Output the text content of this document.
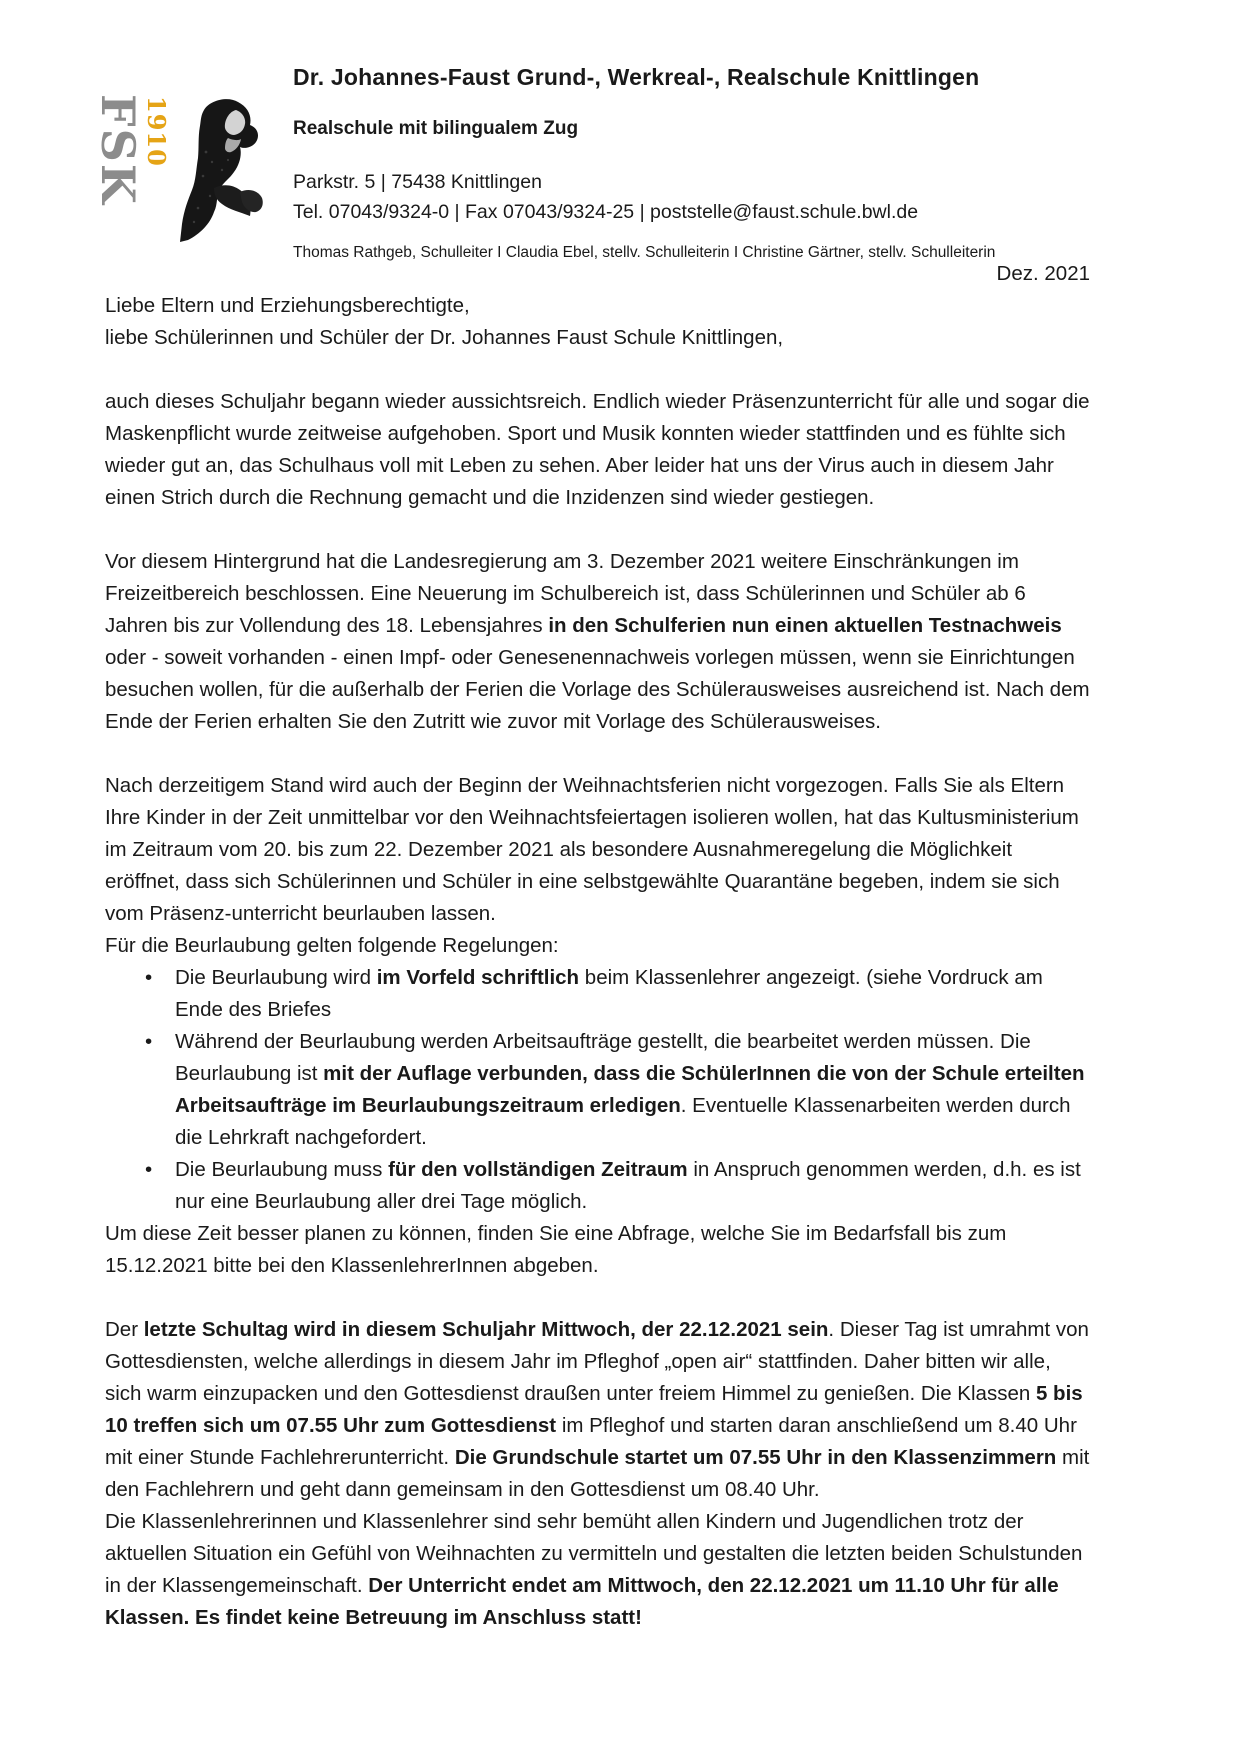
FSK
1910
Dr. Johannes-Faust Grund-, Werkreal-, Realschule Knittlingen
Realschule mit bilingualem Zug
Parkstr. 5 | 75438 Knittlingen
Tel. 07043/9324-0 | Fax 07043/9324-25 | poststelle@faust.schule.bwl.de
Thomas Rathgeb, Schulleiter I Claudia Ebel, stellv. Schulleiterin I Christine Gärtner, stellv. Schulleiterin

Dez. 2021

Liebe Eltern und Erziehungsberechtigte,

liebe Schülerinnen und Schüler der Dr. Johannes Faust Schule Knittlingen,

auch dieses Schuljahr begann wieder aussichtsreich. Endlich wieder Präsenzunterricht für alle und sogar die Maskenpflicht wurde zeitweise aufgehoben. Sport und Musik konnten wieder stattfinden und es fühlte sich wieder gut an, das Schulhaus voll mit Leben zu sehen. Aber leider hat uns der Virus auch in diesem Jahr einen Strich durch die Rechnung gemacht und die Inzidenzen sind wieder gestiegen.

Vor diesem Hintergrund hat die Landesregierung am 3. Dezember 2021 weitere Einschränkungen im Freizeitbereich beschlossen. Eine Neuerung im Schulbereich ist, dass Schülerinnen und Schüler ab 6 Jahren bis zur Vollendung des 18. Lebensjahres in den Schulferien nun einen aktuellen Testnachweis oder - soweit vorhanden - einen Impf- oder Genesenennachweis vorlegen müssen, wenn sie Einrichtungen besuchen wollen, für die außerhalb der Ferien die Vorlage des Schülerausweises ausreichend ist. Nach dem Ende der Ferien erhalten Sie den Zutritt wie zuvor mit Vorlage des Schülerausweises.

Nach derzeitigem Stand wird auch der Beginn der Weihnachtsferien nicht vorgezogen. Falls Sie als Eltern Ihre Kinder in der Zeit unmittelbar vor den Weihnachtsfeiertagen isolieren wollen, hat das Kultusministerium im Zeitraum vom 20. bis zum 22. Dezember 2021 als besondere Ausnahmeregelung die Möglichkeit eröffnet, dass sich Schülerinnen und Schüler in eine selbstgewählte Quarantäne begeben, indem sie sich vom Präsenz-unterricht beurlauben lassen.

Für die Beurlaubung gelten folgende Regelungen:

• Die Beurlaubung wird im Vorfeld schriftlich beim Klassenlehrer angezeigt. (siehe Vordruck am Ende des Briefes
• Während der Beurlaubung werden Arbeitsaufträge gestellt, die bearbeitet werden müssen. Die Beurlaubung ist mit der Auflage verbunden, dass die SchülerInnen die von der Schule erteilten Arbeitsaufträge im Beurlaubungszeitraum erledigen. Eventuelle Klassenarbeiten werden durch die Lehrkraft nachgefordert.
• Die Beurlaubung muss für den vollständigen Zeitraum in Anspruch genommen werden, d.h. es ist nur eine Beurlaubung aller drei Tage möglich.

Um diese Zeit besser planen zu können, finden Sie eine Abfrage, welche Sie im Bedarfsfall bis zum 15.12.2021 bitte bei den KlassenlehrerInnen abgeben.

Der letzte Schultag wird in diesem Schuljahr Mittwoch, der 22.12.2021 sein. Dieser Tag ist umrahmt von Gottesdiensten, welche allerdings in diesem Jahr im Pfleghof „open air“ stattfinden. Daher bitten wir alle, sich warm einzupacken und den Gottesdienst draußen unter freiem Himmel zu genießen. Die Klassen 5 bis 10 treffen sich um 07.55 Uhr zum Gottesdienst im Pfleghof und starten daran anschließend um 8.40 Uhr mit einer Stunde Fachlehrerunterricht. Die Grundschule startet um 07.55 Uhr in den Klassenzimmern mit den Fachlehrern und geht dann gemeinsam in den Gottesdienst um 08.40 Uhr.

Die Klassenlehrerinnen und Klassenlehrer sind sehr bemüht allen Kindern und Jugendlichen trotz der aktuellen Situation ein Gefühl von Weihnachten zu vermitteln und gestalten die letzten beiden Schulstunden in der Klassengemeinschaft. Der Unterricht endet am Mittwoch, den 22.12.2021 um 11.10 Uhr für alle Klassen. Es findet keine Betreuung im Anschluss statt!
